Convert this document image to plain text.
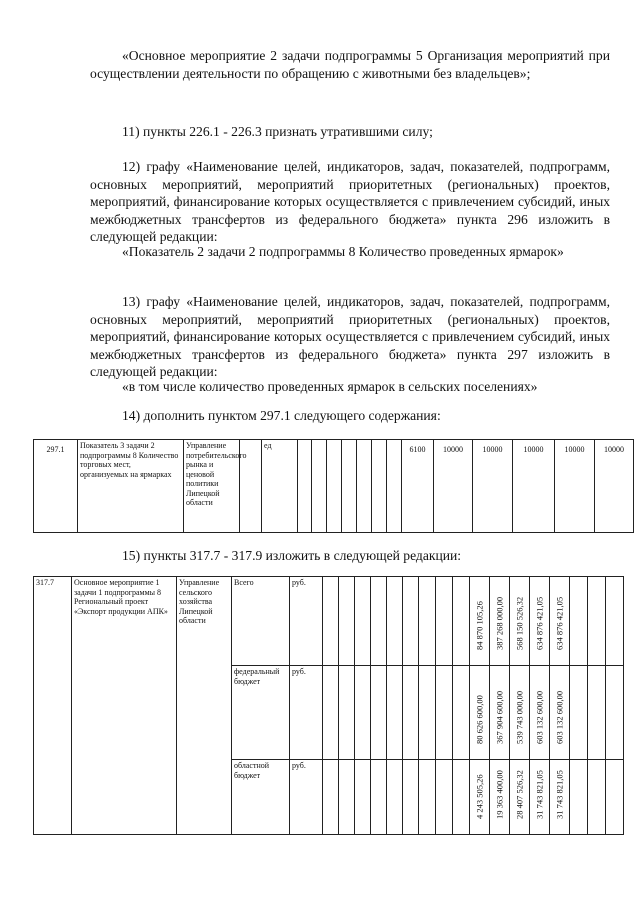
«Основное мероприятие 2 задачи подпрограммы 5 Организация мероприятий при осуществлении деятельности по обращению с животными без владельцев»;

11) пункты 226.1 - 226.3 признать утратившими силу;

12) графу «Наименование целей, индикаторов, задач, показателей, подпрограмм, основных мероприятий, мероприятий приоритетных (региональных) проектов, мероприятий, финансирование которых осуществляется с привлечением субсидий, иных межбюджетных трансфертов из федерального бюджета» пункта 296 изложить в следующей редакции:

«Показатель 2 задачи 2 подпрограммы 8 Количество проведенных ярмарок»

13) графу «Наименование целей, индикаторов, задач, показателей, подпрограмм, основных мероприятий, мероприятий приоритетных (региональных) проектов, мероприятий, финансирование которых осуществляется с привлечением субсидий, иных межбюджетных трансфертов из федерального бюджета» пункта 297 изложить в следующей редакции:

«в том числе количество проведенных ярмарок в сельских поселениях»

14) дополнить пунктом 297.1 следующего содержания:

297.1	Показатель 3 задачи 2 подпрограммы 8 Количество торговых мест, организуемых на ярмарках	Управление потребительского рынка и ценовой политики Липецкой области		ед								6100	10000	10000	10000	10000	10000

15) пункты 317.7 - 317.9 изложить в следующей редакции:

317.7	Основное мероприятие 1 задачи 1 подпрограммы 8 Региональный проект «Экспорт продукции АПК»	Управление сельского хозяйства Липецкой области	Всего	руб.										84 870 105,26	387 268 000,00	568 150 526,32	634 876 421,05	634 876 421,05			

			федеральный бюджет	руб.										80 626 600,00	367 904 600,00	539 743 000,00	603 132 600,00	603 132 600,00			

			областной бюджет	руб.										4 243 505,26	19 363 400,00	28 407 526,32	31 743 821,05	31 743 821,05			
